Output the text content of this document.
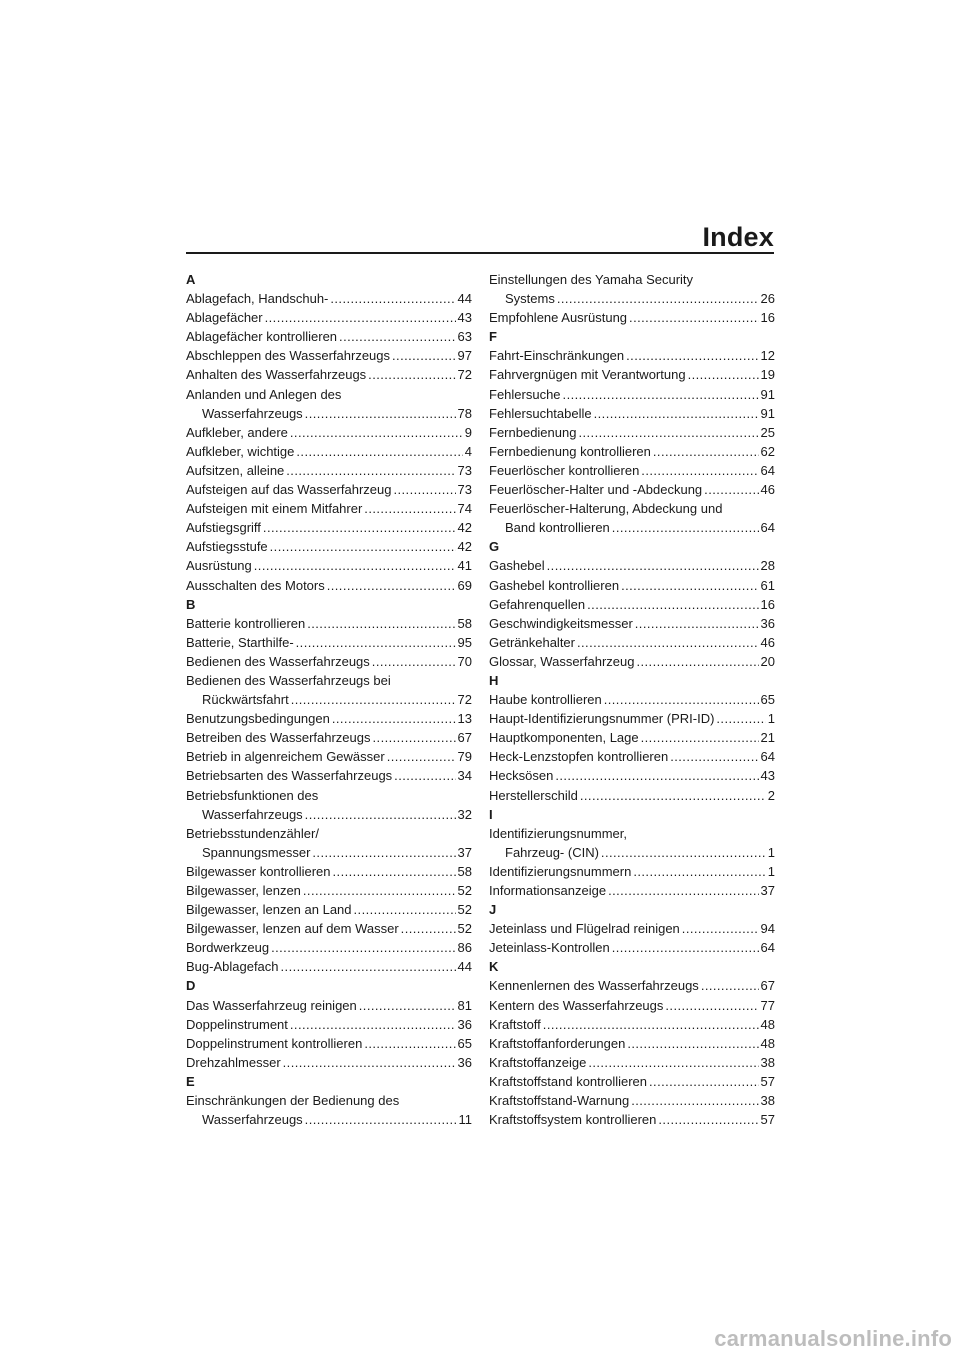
Index
A
Ablagefach, Handschuh- . . .	44
Ablagefächer . . .	43
Ablagefächer kontrollieren . . .	63
Abschleppen des Wasserfahrzeugs . . .	97
Anhalten des Wasserfahrzeugs . . .	72
Anlanden und Anlegen des
Wasserfahrzeugs . . .	78
Aufkleber, andere . . .	9
Aufkleber, wichtige . . .	4
Aufsitzen, alleine . . .	73
Aufsteigen auf das Wasserfahrzeug . . .	73
Aufsteigen mit einem Mitfahrer . . .	74
Aufstiegsgriff . . .	42
Aufstiegsstufe . . .	42
Ausrüstung . . .	41
Ausschalten des Motors . . .	69
B
Batterie kontrollieren . . .	58
Batterie, Starthilfe- . . .	95
Bedienen des Wasserfahrzeugs . . .	70
Bedienen des Wasserfahrzeugs bei
Rückwärtsfahrt . . .	72
Benutzungsbedingungen . . .	13
Betreiben des Wasserfahrzeugs . . .	67
Betrieb in algenreichem Gewässer . . .	79
Betriebsarten des Wasserfahrzeugs . . .	34
Betriebsfunktionen des
Wasserfahrzeugs . . .	32
Betriebsstundenzähler/
Spannungsmesser . . .	37
Bilgewasser kontrollieren . . .	58
Bilgewasser, lenzen . . .	52
Bilgewasser, lenzen an Land . . .	52
Bilgewasser, lenzen auf dem Wasser . . .	52
Bordwerkzeug . . .	86
Bug-Ablagefach . . .	44
D
Das Wasserfahrzeug reinigen . . .	81
Doppelinstrument . . .	36
Doppelinstrument kontrollieren . . .	65
Drehzahlmesser . . .	36
E
Einschränkungen der Bedienung des
Wasserfahrzeugs . . .	11
Einstellungen des Yamaha Security
Systems . . .	26
Empfohlene Ausrüstung . . .	16
F
Fahrt-Einschränkungen . . .	12
Fahrvergnügen mit Verantwortung . . .	19
Fehlersuche . . .	91
Fehlersuchtabelle . . .	91
Fernbedienung . . .	25
Fernbedienung kontrollieren . . .	62
Feuerlöscher kontrollieren . . .	64
Feuerlöscher-Halter und -Abdeckung . . .	46
Feuerlöscher-Halterung, Abdeckung und
Band kontrollieren . . .	64
G
Gashebel . . .	28
Gashebel kontrollieren . . .	61
Gefahrenquellen . . .	16
Geschwindigkeitsmesser . . .	36
Getränkehalter . . .	46
Glossar, Wasserfahrzeug . . .	20
H
Haube kontrollieren . . .	65
Haupt-Identifizierungsnummer (PRI-ID) . . .	1
Hauptkomponenten, Lage . . .	21
Heck-Lenzstopfen kontrollieren . . .	64
Hecksösen . . .	43
Herstellerschild . . .	2
I
Identifizierungsnummer,
Fahrzeug- (CIN) . . .	1
Identifizierungsnummern . . .	1
Informationsanzeige . . .	37
J
Jeteinlass und Flügelrad reinigen . . .	94
Jeteinlass-Kontrollen . . .	64
K
Kennenlernen des Wasserfahrzeugs . . .	67
Kentern des Wasserfahrzeugs . . .	77
Kraftstoff . . .	48
Kraftstoffanforderungen . . .	48
Kraftstoffanzeige . . .	38
Kraftstoffstand kontrollieren . . .	57
Kraftstoffstand-Warnung . . .	38
Kraftstoffsystem kontrollieren . . .	57
carmanualsonline.info
